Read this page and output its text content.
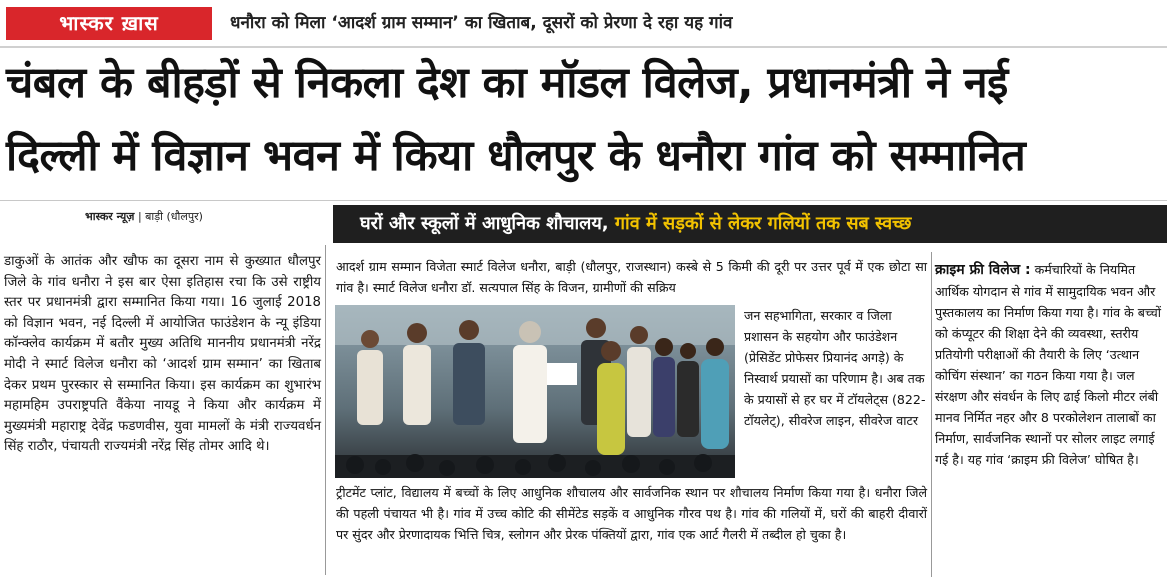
भास्कर ख़ास	धनौरा को मिला ‘आदर्श ग्राम सम्मान’ का खिताब, दूसरों को प्रेरणा दे रहा यह गांव
चंबल के बीहड़ों से निकला देश का मॉडल विलेज, प्रधानमंत्री ने नई
दिल्ली में विज्ञान भवन में किया धौलपुर के धनौरा गांव को सम्मानित
भास्कर न्यूज़ | बाड़ी (धौलपुर)
डाकुओं के आतंक और खौफ का दूसरा नाम से कुख्यात धौलपुर जिले के गांव धनौरा ने इस बार ऐसा इतिहास रचा कि उसे राष्ट्रीय स्तर पर प्रधानमंत्री द्वारा सम्मानित किया गया। 16 जुलाई 2018 को विज्ञान भवन, नई दिल्ली में आयोजित फाउंडेशन के न्यू इंडिया कॉन्क्लेव कार्यक्रम में बतौर मुख्य अतिथि माननीय प्रधानमंत्री नरेंद्र मोदी ने स्मार्ट विलेज धनौरा को ‘आदर्श ग्राम सम्मान’ का खिताब देकर प्रथम पुरस्कार से सम्मानित किया। इस कार्यक्रम का शुभारंभ महामहिम उपराष्ट्रपति वैंकेया नायडू ने किया और कार्यक्रम में मुख्यमंत्री महाराष्ट्र देवेंद्र फडणवीस, युवा मामलों के मंत्री राज्यवर्धन सिंह राठौर, पंचायती राज्यमंत्री नरेंद्र सिंह तोमर आदि थे।
घरों और स्कूलों में आधुनिक शौचालय, गांव में सड़कों से लेकर गलियों तक सब स्वच्छ
आदर्श ग्राम सम्मान विजेता स्मार्ट विलेज धनौरा, बाड़ी (धौलपुर, राजस्थान) कस्बे से 5 किमी की दूरी पर उत्तर पूर्व में एक छोटा सा गांव है। स्मार्ट विलेज धनौरा डॉ. सत्यपाल सिंह के विजन, ग्रामीणों की सक्रिय
जन सहभागिता, सरकार व जिला प्रशासन के सहयोग और फाउंडेशन (प्रेसिडेंट प्रोफेसर प्रियानंद अगड़े) के निस्वार्थ प्रयासों का परिणाम है। अब तक के प्रयासों से हर घर में टॉयलेट्स (822-टॉयलेट्), सीवरेज लाइन, सीवरेज वाटर
ट्रीटमेंट प्लांट, विद्यालय में बच्चों के लिए आधुनिक शौचालय और सार्वजनिक स्थान पर शौचालय निर्माण किया गया है। धनौरा जिले की पहली पंचायत भी है। गांव में उच्च कोटि की सीमेंटेड सड़कें व आधुनिक गौरव पथ है। गांव की गलियों में, घरों की बाहरी दीवारों पर सुंदर और प्रेरणादायक भित्ति चित्र, स्लोगन और प्रेरक पंक्तियों द्वारा, गांव एक आर्ट गैलरी में तब्दील हो चुका है।
क्राइम फ्री विलेज : कर्मचारियों के नियमित आर्थिक योगदान से गांव में सामुदायिक भवन और पुस्तकालय का निर्माण किया गया है। गांव के बच्चों को कंप्यूटर की शिक्षा देने की व्यवस्था, स्तरीय प्रतियोगी परीक्षाओं की तैयारी के लिए ‘उत्थान कोचिंग संस्थान’ का गठन किया गया है। जल संरक्षण और संवर्धन के लिए ढाई किलो मीटर लंबी मानव निर्मित नहर और 8 परकोलेशन तालाबों का निर्माण, सार्वजनिक स्थानों पर सोलर लाइट लगाई गई है। यह गांव ‘क्राइम फ्री विलेज’ घोषित है।
